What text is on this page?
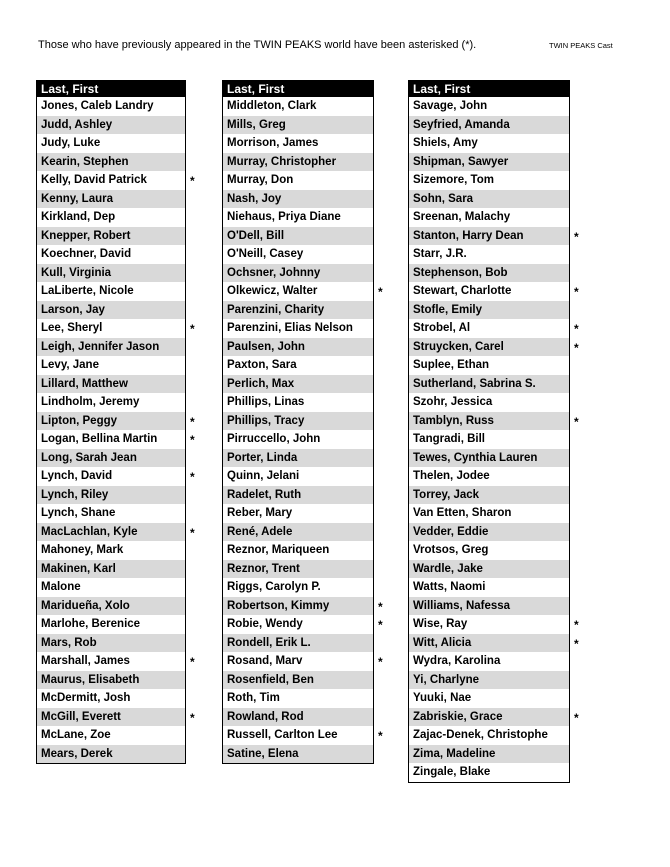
Those who have previously appeared in the TWIN PEAKS world have been asterisked (*).	TWIN PEAKS Cast
Last, First
Jones, Caleb Landry
Judd, Ashley
Judy, Luke
Kearin, Stephen
Kelly, David Patrick	*
Kenny, Laura
Kirkland, Dep
Knepper, Robert
Koechner, David
Kull, Virginia
LaLiberte, Nicole
Larson, Jay
Lee, Sheryl	*
Leigh, Jennifer Jason
Levy, Jane
Lillard, Matthew
Lindholm, Jeremy
Lipton, Peggy	*
Logan, Bellina Martin	*
Long, Sarah Jean
Lynch, David	*
Lynch, Riley
Lynch, Shane
MacLachlan, Kyle	*
Mahoney, Mark
Makinen, Karl
Malone
Maridueña, Xolo
Marlohe, Berenice
Mars, Rob
Marshall, James	*
Maurus, Elisabeth
McDermitt, Josh
McGill, Everett	*
McLane, Zoe
Mears, Derek
Last, First
Middleton, Clark
Mills, Greg
Morrison, James
Murray, Christopher
Murray, Don
Nash, Joy
Niehaus, Priya Diane
O'Dell, Bill
O'Neill, Casey
Ochsner, Johnny
Olkewicz, Walter	*
Parenzini, Charity
Parenzini, Elias Nelson
Paulsen, John
Paxton, Sara
Perlich, Max
Phillips, Linas
Phillips, Tracy
Pirruccello, John
Porter, Linda
Quinn, Jelani
Radelet, Ruth
Reber, Mary
René, Adele
Reznor, Mariqueen
Reznor, Trent
Riggs, Carolyn P.
Robertson, Kimmy	*
Robie, Wendy	*
Rondell, Erik L.
Rosand, Marv	*
Rosenfield, Ben
Roth, Tim
Rowland, Rod
Russell, Carlton Lee	*
Satine, Elena
Last, First
Savage, John
Seyfried, Amanda
Shiels, Amy
Shipman, Sawyer
Sizemore, Tom
Sohn, Sara
Sreenan, Malachy
Stanton, Harry Dean	*
Starr, J.R.
Stephenson, Bob
Stewart, Charlotte	*
Stofle, Emily
Strobel, Al	*
Struycken, Carel	*
Suplee, Ethan
Sutherland, Sabrina S.
Szohr, Jessica
Tamblyn, Russ	*
Tangradi, Bill
Tewes, Cynthia Lauren
Thelen, Jodee
Torrey, Jack
Van Etten, Sharon
Vedder, Eddie
Vrotsos, Greg
Wardle, Jake
Watts, Naomi
Williams, Nafessa
Wise, Ray	*
Witt, Alicia	*
Wydra, Karolina
Yi, Charlyne
Yuuki, Nae
Zabriskie, Grace	*
Zajac-Denek, Christophe
Zima, Madeline
Zingale, Blake
